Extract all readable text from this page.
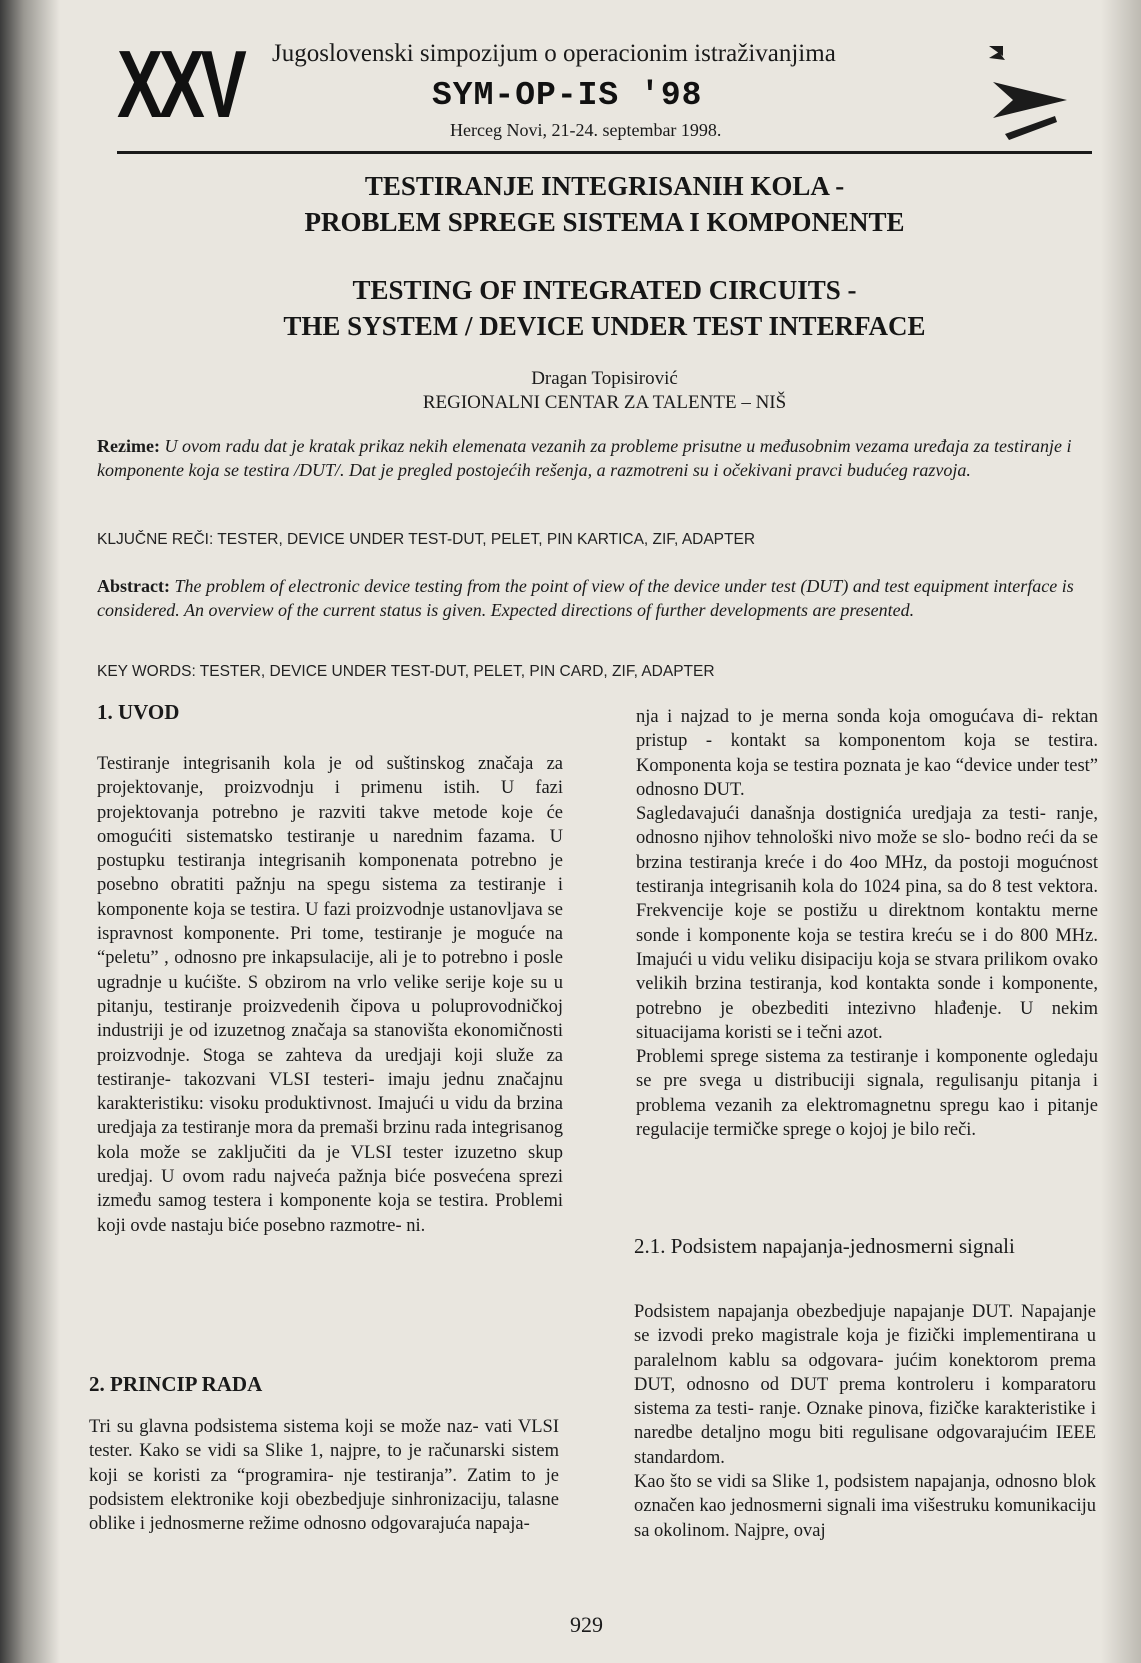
XXV Jugoslovenski simpozijum o operacionim istraživanjima
SYM-OP-IS '98
Herceg Novi, 21-24. septembar 1998.
TESTIRANJE INTEGRISANIH KOLA -
PROBLEM SPREGE SISTEMA I KOMPONENTE
TESTING OF INTEGRATED CIRCUITS -
THE SYSTEM / DEVICE UNDER TEST INTERFACE
Dragan Topisirović
REGIONALNI CENTAR ZA TALENTE – NIŠ
Rezime: U ovom radu dat je kratak prikaz nekih elemenata vezanih za probleme prisutne u međusobnim vezama uređaja za testiranje i komponente koja se testira /DUT/. Dat je pregled postojećih rešenja, a razmotreni su i očekivani pravci budućeg razvoja.
KLJUČNE REČI: TESTER, DEVICE UNDER TEST-DUT, PELET, PIN KARTICA, ZIF, ADAPTER
Abstract: The problem of electronic device testing from the point of view of the device under test (DUT) and test equipment interface is considered. An overview of the current status is given. Expected directions of further developments are presented.
KEY WORDS: TESTER, DEVICE UNDER TEST-DUT, PELET, PIN CARD, ZIF, ADAPTER
1. UVOD

Testiranje integrisanih kola je od suštinskog značaja za projektovanje, proizvodnju i primenu istih. U fazi projektovanja potrebno je razviti takve metode koje će omogućiti sistematsko testiranje u narednim fazama. U postupku testiranja integrisanih komponenata potrebno je posebno obratiti pažnju na spegu sistema za testiranje i komponente koja se testira. U fazi proizvodnje ustanovljava se ispravnost komponente. Pri tome, testiranje je moguće na “peletu” , odnosno pre inkapsulacije, ali je to potrebno i posle ugradnje u kućište. S obzirom na vrlo velike serije koje su u pitanju, testiranje proizvedenih čipova u poluprovodničkoj industriji je od izuzetnog značaja sa stanovišta ekonomičnosti proizvodnje. Stoga se zahteva da uredjaji koji služe za testiranje- takozvani VLSI testeri- imaju jednu značajnu karakteristiku: visoku produktivnost. Imajući u vidu da brzina uredjaja za testiranje mora da premaši brzinu rada integrisanog kola može se zaključiti da je VLSI tester izuzetno skup uredjaj. U ovom radu najveća pažnja biće posvećena sprezi između samog testera i komponente koja se testira. Problemi koji ovde nastaju biće posebno razmotre- ni.

2. PRINCIP RADA

Tri su glavna podsistema sistema koji se može naz- vati VLSI tester. Kako se vidi sa Slike 1, najpre, to je računarski sistem koji se koristi za “programira- nje testiranja”. Zatim to je podsistem elektronike koji obezbedjuje sinhronizaciju, talasne oblike i jednosmerne režime odnosno odgovarajuća napaja-

nja i najzad to je merna sonda koja omogućava di- rektan pristup - kontakt sa komponentom koja se testira. Komponenta koja se testira poznata je kao “device under test” odnosno DUT.

Sagledavajući današnja dostignića uredjaja za testi- ranje, odnosno njihov tehnološki nivo može se slo- bodno reći da se brzina testiranja kreće i do 4oo MHz, da postoji mogućnost testiranja integrisanih kola do 1024 pina, sa do 8 test vektora. Frekvencije koje se postižu u direktnom kontaktu merne sonde i komponente koja se testira kreću se i do 800 MHz. Imajući u vidu veliku disipaciju koja se stvara prilikom ovako velikih brzina testiranja, kod kontakta sonde i komponente, potrebno je obezbediti intezivno hlađenje. U nekim situacijama koristi se i tečni azot.

Problemi sprege sistema za testiranje i komponente ogledaju se pre svega u distribuciji signala, regulisanju pitanja i problema vezanih za elektromagnetnu spregu kao i pitanje regulacije termičke sprege o kojoj je bilo reči.

2.1. Podsistem napajanja-jednosmerni signali

Podsistem napajanja obezbedjuje napajanje DUT. Napajanje se izvodi preko magistrale koja je fizički implementirana u paralelnom kablu sa odgovara- jućim konektorom prema DUT, odnosno od DUT prema kontroleru i komparatoru sistema za testi- ranje. Oznake pinova, fizičke karakteristike i naredbe detaljno mogu biti regulisane odgovarajućim IEEE standardom.

Kao što se vidi sa Slike 1, podsistem napajanja, odnosno blok označen kao jednosmerni signali ima višestruku komunikaciju sa okolinom. Najpre, ovaj

929
